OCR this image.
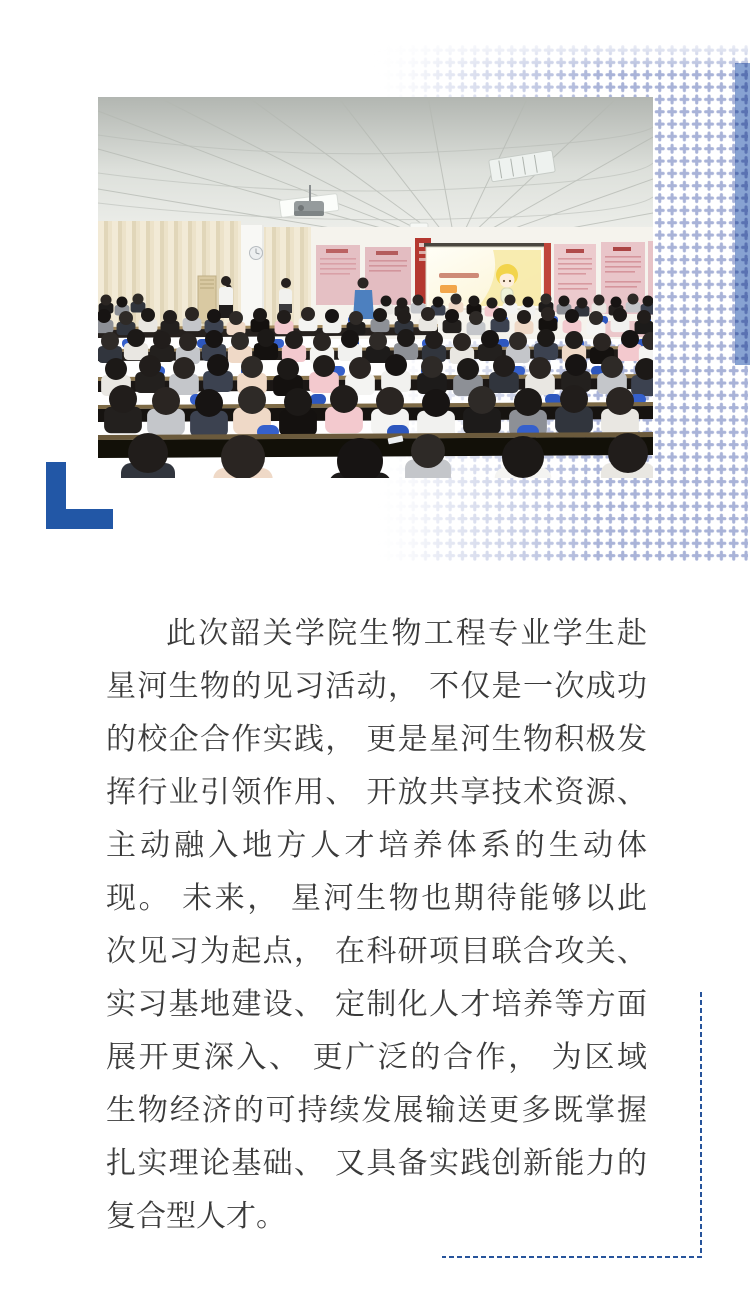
此次韶关学院生物工程专业学生赴
星河生物的见习活动， 不仅是一次成功
的校企合作实践， 更是星河生物积极发
挥行业引领作用、 开放共享技术资源、
主动融入地方人才培养体系的生动体
现。 未来， 星河生物也期待能够以此
次见习为起点， 在科研项目联合攻关、
实习基地建设、 定制化人才培养等方面
展开更深入、 更广泛的合作， 为区域
生物经济的可持续发展输送更多既掌握
扎实理论基础、 又具备实践创新能力的
复合型人才。
